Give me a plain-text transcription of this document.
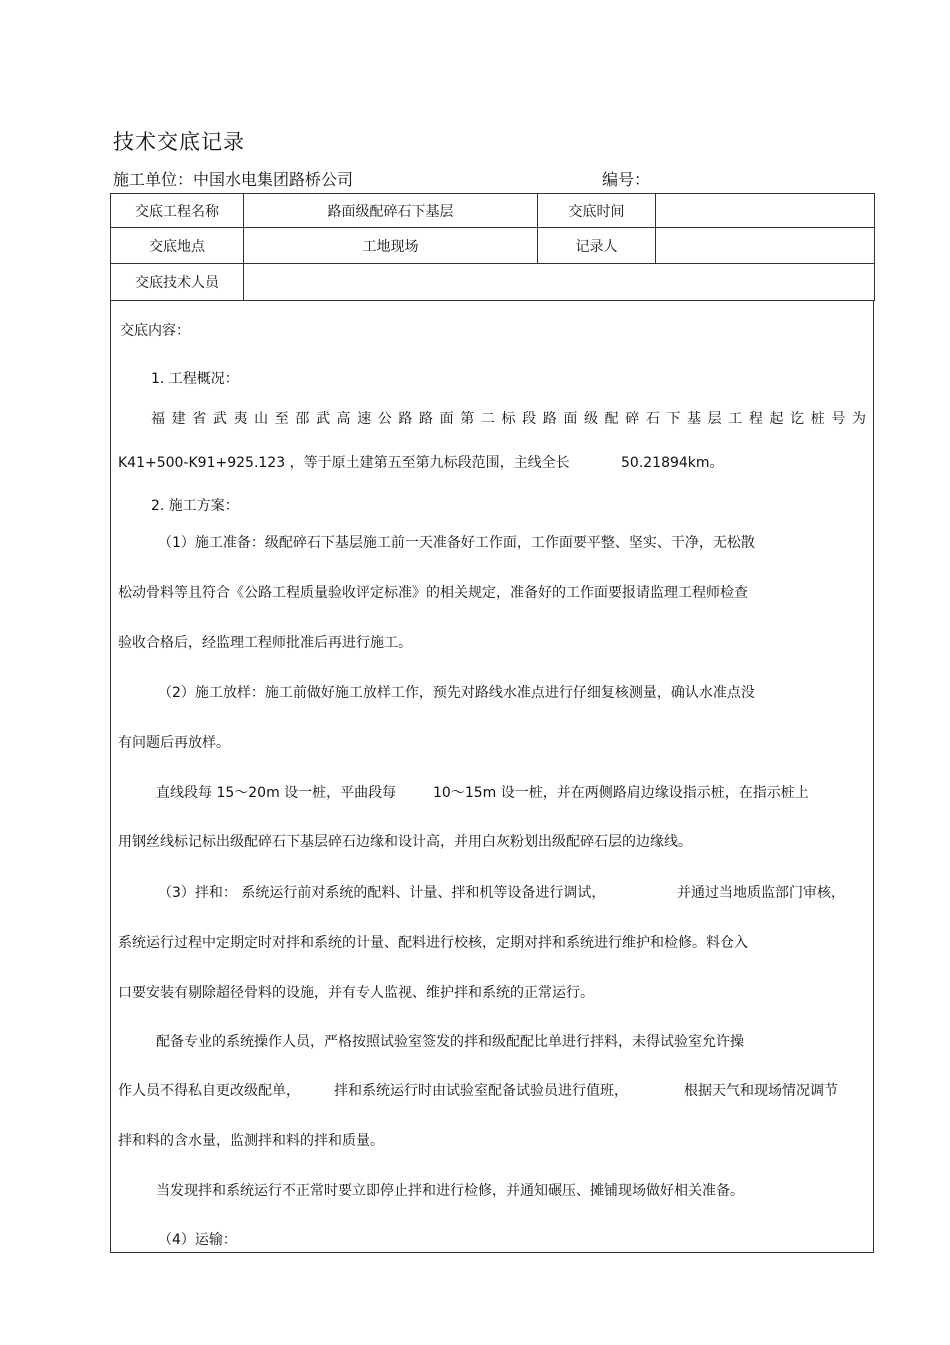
技术交底记录
施工单位：中国水电集团路桥公司	编号：
交底工程名称	路面级配碎石下基层	交底时间	
交底地点	工地现场	记录人	
交底技术人员			
交底内容：
1. 工程概况：
福建省武夷山至邵武高速公路路面第二标段路面级配碎石下基层工程起讫桩号为
K41+500-K91+925.123 ，等于原土建第五至第九标段范围，主线全长	50.21894km。
2. 施工方案：
（1）施工准备：级配碎石下基层施工前一天准备好工作面，工作面要平整、坚实、干净，无松散
松动骨料等且符合《公路工程质量验收评定标准》的相关规定，准备好的工作面要报请监理工程师检查
验收合格后，经监理工程师批准后再进行施工。
（2）施工放样：施工前做好施工放样工作，预先对路线水准点进行仔细复核测量，确认水准点没
有问题后再放样。
直线段每 15～20m 设一桩，平曲段每	10～15m 设一桩，并在两侧路肩边缘设指示桩，在指示桩上
用钢丝线标记标出级配碎石下基层碎石边缘和设计高，并用白灰粉划出级配碎石层的边缘线。
（3）拌和： 系统运行前对系统的配料、计量、拌和机等设备进行调试，	并通过当地质监部门审核，
系统运行过程中定期定时对拌和系统的计量、配料进行校核，定期对拌和系统进行维护和检修。料仓入
口要安装有剔除超径骨料的设施，并有专人监视、维护拌和系统的正常运行。
配备专业的系统操作人员，严格按照试验室签发的拌和级配配比单进行拌料，未得试验室允许操
作人员不得私自更改级配单， 拌和系统运行时由试验室配备试验员进行值班，	根据天气和现场情况调节
拌和料的含水量，监测拌和料的拌和质量。
当发现拌和系统运行不正常时要立即停止拌和进行检修，并通知碾压、摊铺现场做好相关准备。
（4）运输：
